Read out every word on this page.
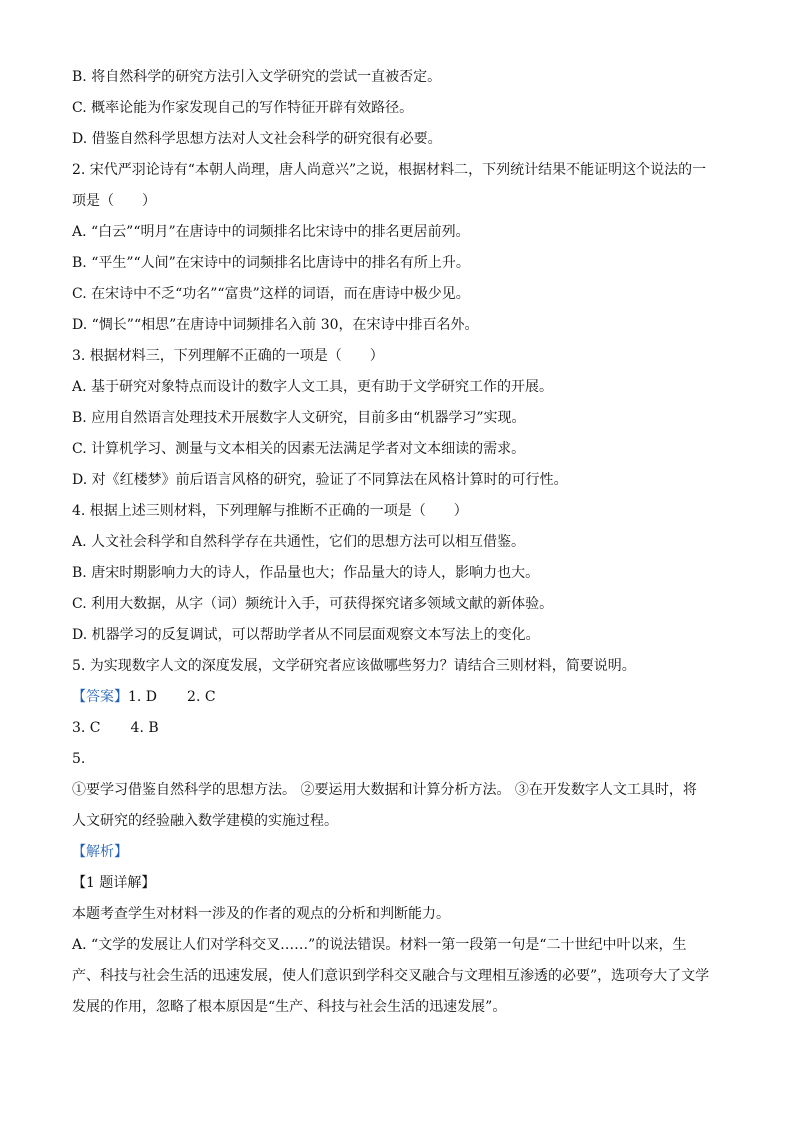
B. 将自然科学的研究方法引入文学研究的尝试一直被否定。
C. 概率论能为作家发现自己的写作特征开辟有效路径。
D. 借鉴自然科学思想方法对人文社会科学的研究很有必要。
2. 宋代严羽论诗有“本朝人尚理，唐人尚意兴”之说，根据材料二，下列统计结果不能证明这个说法的一
项是（　　）
A. “白云”“明月”在唐诗中的词频排名比宋诗中的排名更居前列。
B. “平生”“人间”在宋诗中的词频排名比唐诗中的排名有所上升。
C. 在宋诗中不乏“功名”“富贵”这样的词语，而在唐诗中极少见。
D. “惆长”“相思”在唐诗中词频排名入前 30，在宋诗中排百名外。
3. 根据材料三，下列理解不正确的一项是（　　）
A. 基于研究对象特点而设计的数字人文工具，更有助于文学研究工作的开展。
B. 应用自然语言处理技术开展数字人文研究，目前多由“机器学习”实现。
C. 计算机学习、测量与文本相关的因素无法满足学者对文本细读的需求。
D. 对《红楼梦》前后语言风格的研究，验证了不同算法在风格计算时的可行性。
4. 根据上述三则材料，下列理解与推断不正确的一项是（　　）
A. 人文社会科学和自然科学存在共通性，它们的思想方法可以相互借鉴。
B. 唐宋时期影响力大的诗人，作品量也大；作品量大的诗人，影响力也大。
C. 利用大数据，从字（词）频统计入手，可获得探究诸多领域文献的新体验。
D. 机器学习的反复调试，可以帮助学者从不同层面观察文本写法上的变化。
5. 为实现数字人文的深度发展，文学研究者应该做哪些努力？请结合三则材料，简要说明。
【答案】1. D 2. C
3. C 4. B
5.
①要学习借鉴自然科学的思想方法。 ②要运用大数据和计算分析方法。 ③在开发数字人文工具时，将
人文研究的经验融入数学建模的实施过程。
【解析】
【1 题详解】
本题考查学生对材料一涉及的作者的观点的分析和判断能力。
A. “文学的发展让人们对学科交叉……”的说法错误。材料一第一段第一句是“二十世纪中叶以来，生
产、科技与社会生活的迅速发展，使人们意识到学科交叉融合与文理相互渗透的必要”，选项夸大了文学
发展的作用，忽略了根本原因是“生产、科技与社会生活的迅速发展”。
